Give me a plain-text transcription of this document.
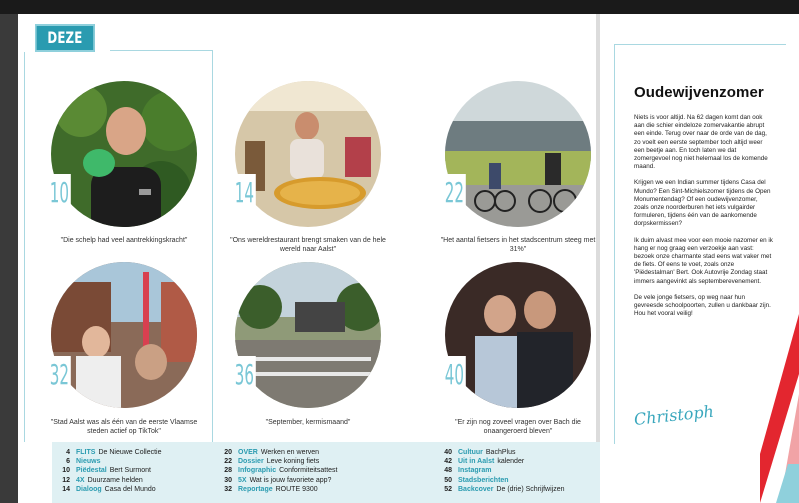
DEZE MAAND
10
"Die schelp had veel aantrekkingskracht"
14
"Ons wereldrestaurant brengt smaken van de hele wereld naar Aalst"
22
"Het aantal fietsers in het stadscentrum steeg met 31%"
32
"Stad Aalst was als één van de eerste Vlaamse steden actief op TikTok"
36
"September, kermismaand"
40
"Er zijn nog zoveel vragen over Bach die onaangeroerd bleven"
4 FLITS De Nieuwe Collectie
6 Nieuws
10 Piëdestal Bert Surmont
12 4X Duurzame helden
14 Dialoog Casa del Mundo
20 OVER Werken en werven
22 Dossier Leve koning fiets
28 Infographic Conformiteitsattest
30 5X Wat is jouw favoriete app?
32 Reportage ROUTE 9300
40 Cultuur BachPlus
42 Uit in Aalst kalender
48 Instagram
50 Stadsberichten
52 Backcover De (drie) Schrijfwijzen
Oudewijvenzomer

Niets is voor altijd. Na 62 dagen komt dan ook aan die schier eindeloze zomervakantie abrupt een einde. Terug over naar de orde van de dag, zo voelt een eerste september toch altijd weer een beetje aan. En toch laten we dat zomergevoel nog niet helemaal los de komende maand.

Krijgen we een Indian summer tijdens Casa del Mundo? Een Sint-Michielszomer tijdens de Open Monumentendag? Of een oudewijvenzomer, zoals onze noorderburen het iets vulgairder formuleren, tijdens één van de aankomende dorpskermissen?

Ik duim alvast mee voor een mooie nazomer en ik hang er nog graag een verzoekje aan vast: bezoek onze charmante stad eens wat vaker met de fiets. Of eens te voet, zoals onze 'Piëdestalman' Bert. Ook Autovrije Zondag staat immers aangevinkt als septemberevenement.

De vele jonge fietsers, op weg naar hun gevreesde schoolpoorten, zullen u dankbaar zijn. Hou het vooral veilig!

Christoph
